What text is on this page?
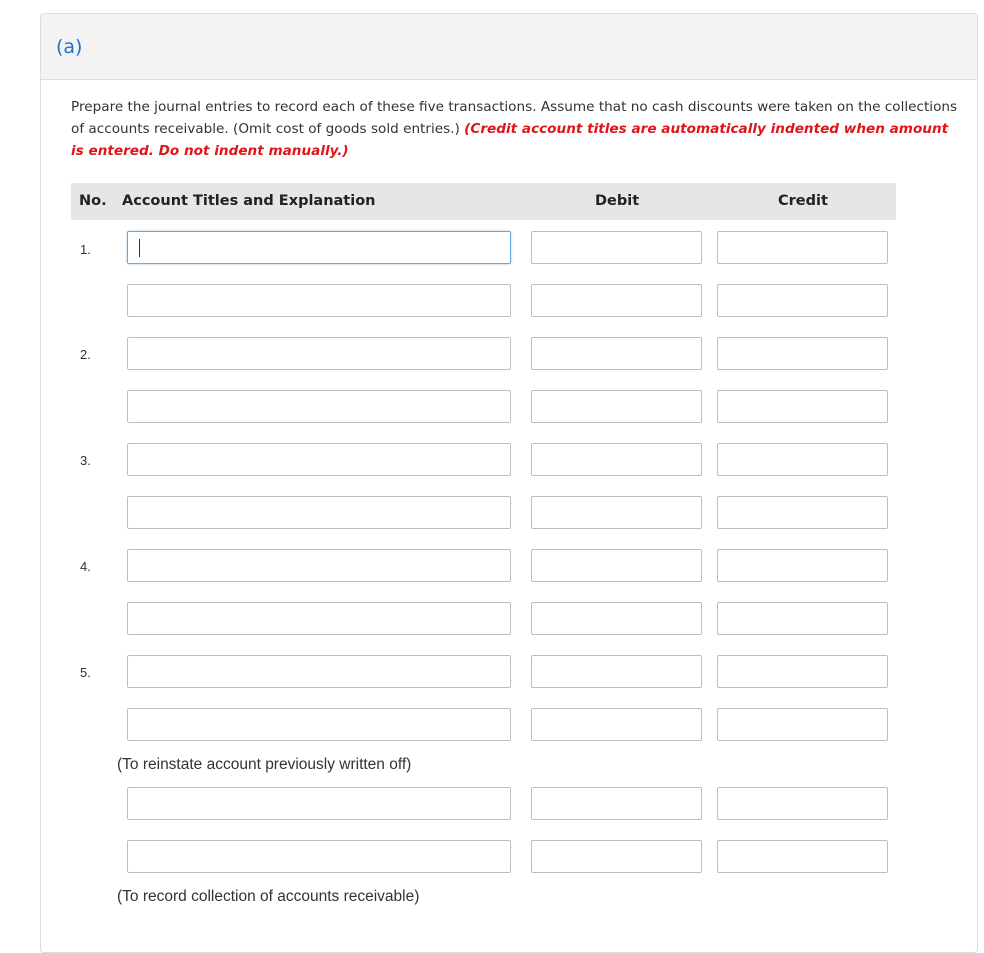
(a)
Prepare the journal entries to record each of these five transactions. Assume that no cash discounts were taken on the collections of accounts receivable. (Omit cost of goods sold entries.) (Credit account titles are automatically indented when amount is entered. Do not indent manually.)
No. Account Titles and Explanation	Debit	Credit
1.
2.
3.
4.
5.
(To reinstate account previously written off)
(To record collection of accounts receivable)
